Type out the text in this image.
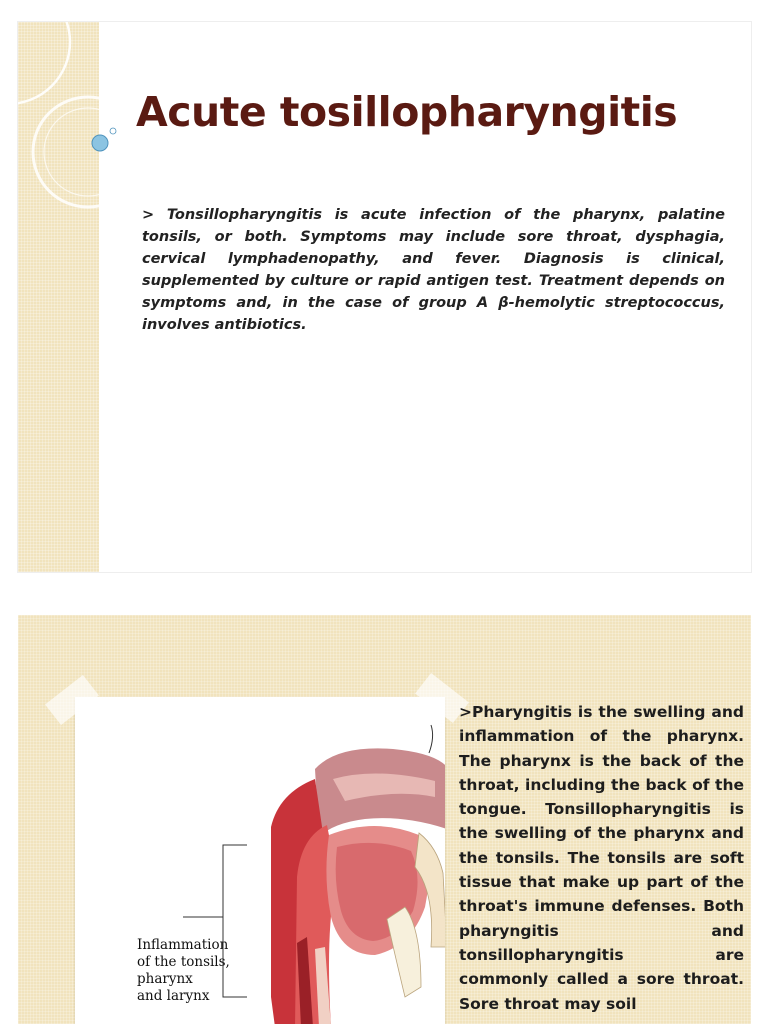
Acute tosillopharyngitis

> Tonsillopharyngitis is acute infection of the pharynx, palatine tonsils, or both. Symptoms may include sore throat, dysphagia, cervical lymphadenopathy, and fever. Diagnosis is clinical, supplemented by culture or rapid antigen test. Treatment depends on symptoms and, in the case of group A β-hemolytic streptococcus, involves antibiotics.

Inflammation
of the tonsils,
pharynx
and larynx

>Pharyngitis is the swelling and inflammation of the pharynx. The pharynx is the back of the throat, including the back of the tongue. Tonsillopharyngitis is the swelling of the pharynx and the tonsils. The tonsils are soft tissue that make up part of the throat's immune defenses. Both pharyngitis and tonsillopharyngitis are commonly called a sore throat. Sore throat may soil
